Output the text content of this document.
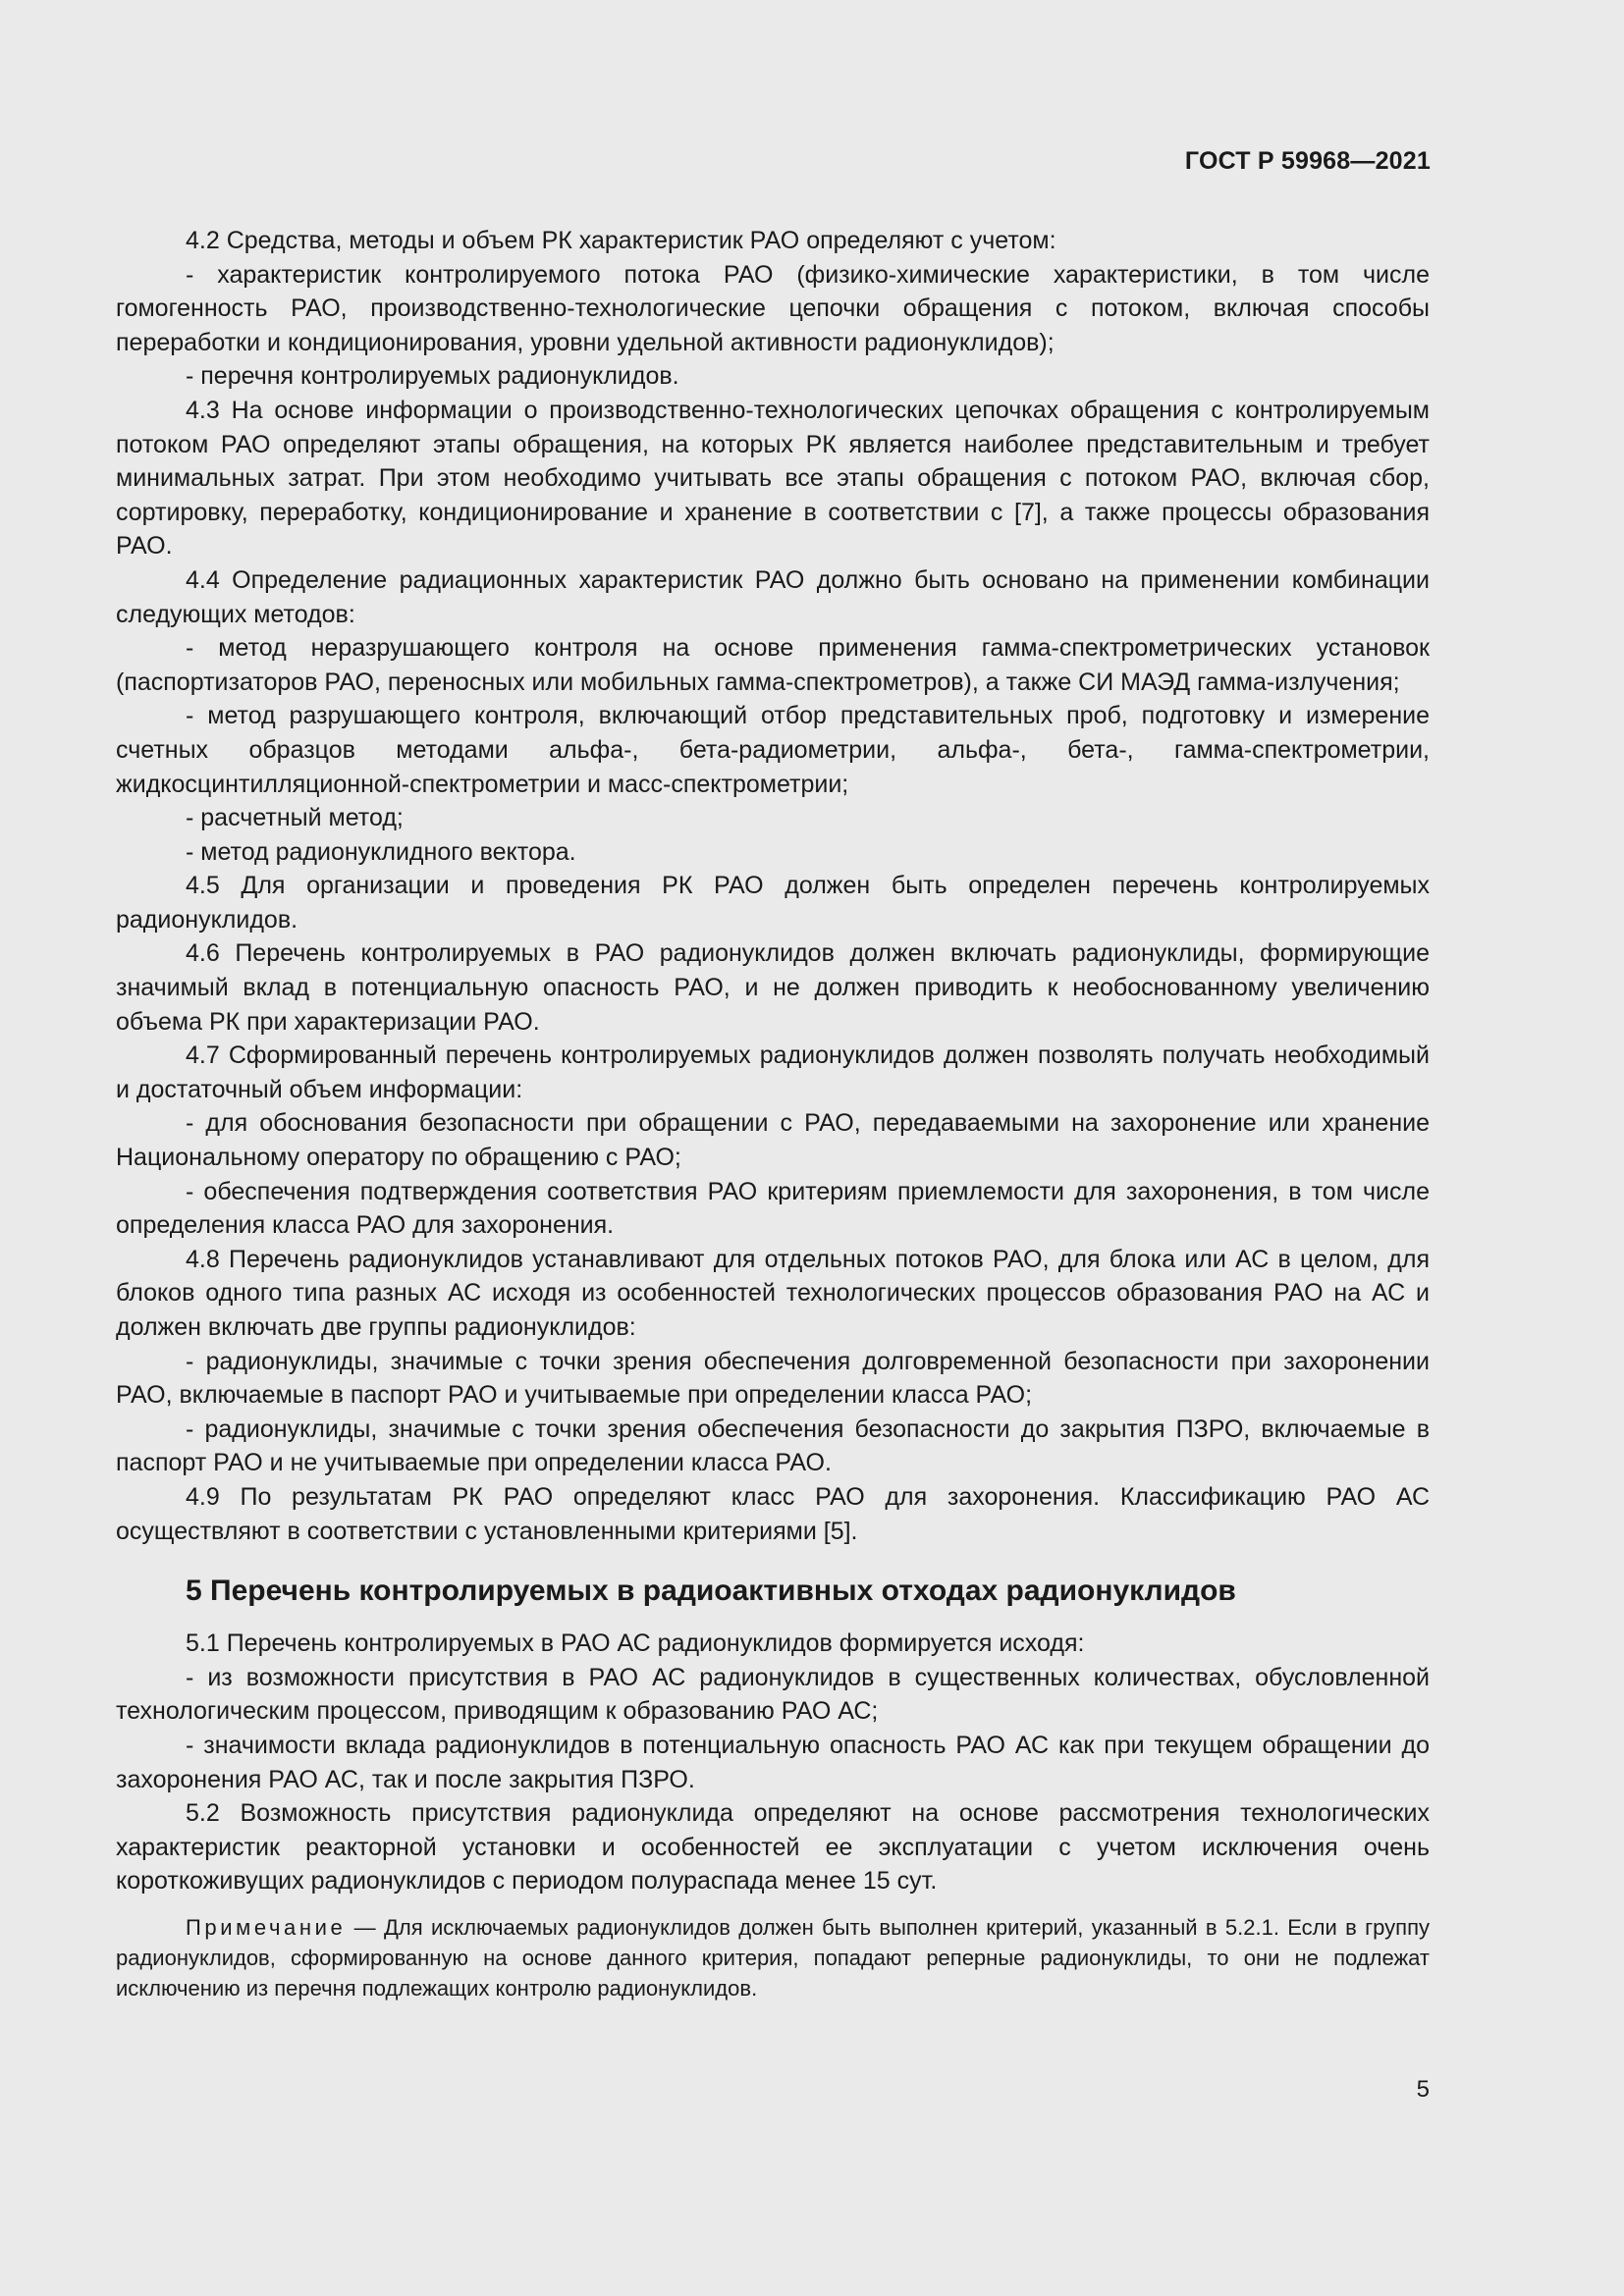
ГОСТ Р 59968—2021

4.2 Средства, методы и объем РК характеристик РАО определяют с учетом:

- характеристик контролируемого потока РАО (физико-химические характеристики, в том числе гомогенность РАО, производственно-технологические цепочки обращения с потоком, включая способы переработки и кондиционирования, уровни удельной активности радионуклидов);

- перечня контролируемых радионуклидов.

4.3 На основе информации о производственно-технологических цепочках обращения с контролируемым потоком РАО определяют этапы обращения, на которых РК является наиболее представительным и требует минимальных затрат. При этом необходимо учитывать все этапы обращения с потоком РАО, включая сбор, сортировку, переработку, кондиционирование и хранение в соответствии с [7], а также процессы образования РАО.

4.4 Определение радиационных характеристик РАО должно быть основано на применении комбинации следующих методов:

- метод неразрушающего контроля на основе применения гамма-спектрометрических установок (паспортизаторов РАО, переносных или мобильных гамма-спектрометров), а также СИ МАЭД гамма-излучения;

- метод разрушающего контроля, включающий отбор представительных проб, подготовку и измерение счетных образцов методами альфа-, бета-радиометрии, альфа-, бета-, гамма-спектрометрии, жидкосцинтилляционной-спектрометрии и масс-спектрометрии;

- расчетный метод;

- метод радионуклидного вектора.

4.5 Для организации и проведения РК РАО должен быть определен перечень контролируемых радионуклидов.

4.6 Перечень контролируемых в РАО радионуклидов должен включать радионуклиды, формирующие значимый вклад в потенциальную опасность РАО, и не должен приводить к необоснованному увеличению объема РК при характеризации РАО.

4.7 Сформированный перечень контролируемых радионуклидов должен позволять получать необходимый и достаточный объем информации:

- для обоснования безопасности при обращении с РАО, передаваемыми на захоронение или хранение Национальному оператору по обращению с РАО;

- обеспечения подтверждения соответствия РАО критериям приемлемости для захоронения, в том числе определения класса РАО для захоронения.

4.8 Перечень радионуклидов устанавливают для отдельных потоков РАО, для блока или АС в целом, для блоков одного типа разных АС исходя из особенностей технологических процессов образования РАО на АС и должен включать две группы радионуклидов:

- радионуклиды, значимые с точки зрения обеспечения долговременной безопасности при захоронении РАО, включаемые в паспорт РАО и учитываемые при определении класса РАО;

- радионуклиды, значимые с точки зрения обеспечения безопасности до закрытия ПЗРО, включаемые в паспорт РАО и не учитываемые при определении класса РАО.

4.9 По результатам РК РАО определяют класс РАО для захоронения. Классификацию РАО АС осуществляют в соответствии с установленными критериями [5].

5 Перечень контролируемых в радиоактивных отходах радионуклидов

5.1 Перечень контролируемых в РАО АС радионуклидов формируется исходя:

- из возможности присутствия в РАО АС радионуклидов в существенных количествах, обусловленной технологическим процессом, приводящим к образованию РАО АС;

- значимости вклада радионуклидов в потенциальную опасность РАО АС как при текущем обращении до захоронения РАО АС, так и после закрытия ПЗРО.

5.2 Возможность присутствия радионуклида определяют на основе рассмотрения технологических характеристик реакторной установки и особенностей ее эксплуатации с учетом исключения очень короткоживущих радионуклидов с периодом полураспада менее 15 сут.

Примечание — Для исключаемых радионуклидов должен быть выполнен критерий, указанный в 5.2.1. Если в группу радионуклидов, сформированную на основе данного критерия, попадают реперные радионуклиды, то они не подлежат исключению из перечня подлежащих контролю радионуклидов.

5
